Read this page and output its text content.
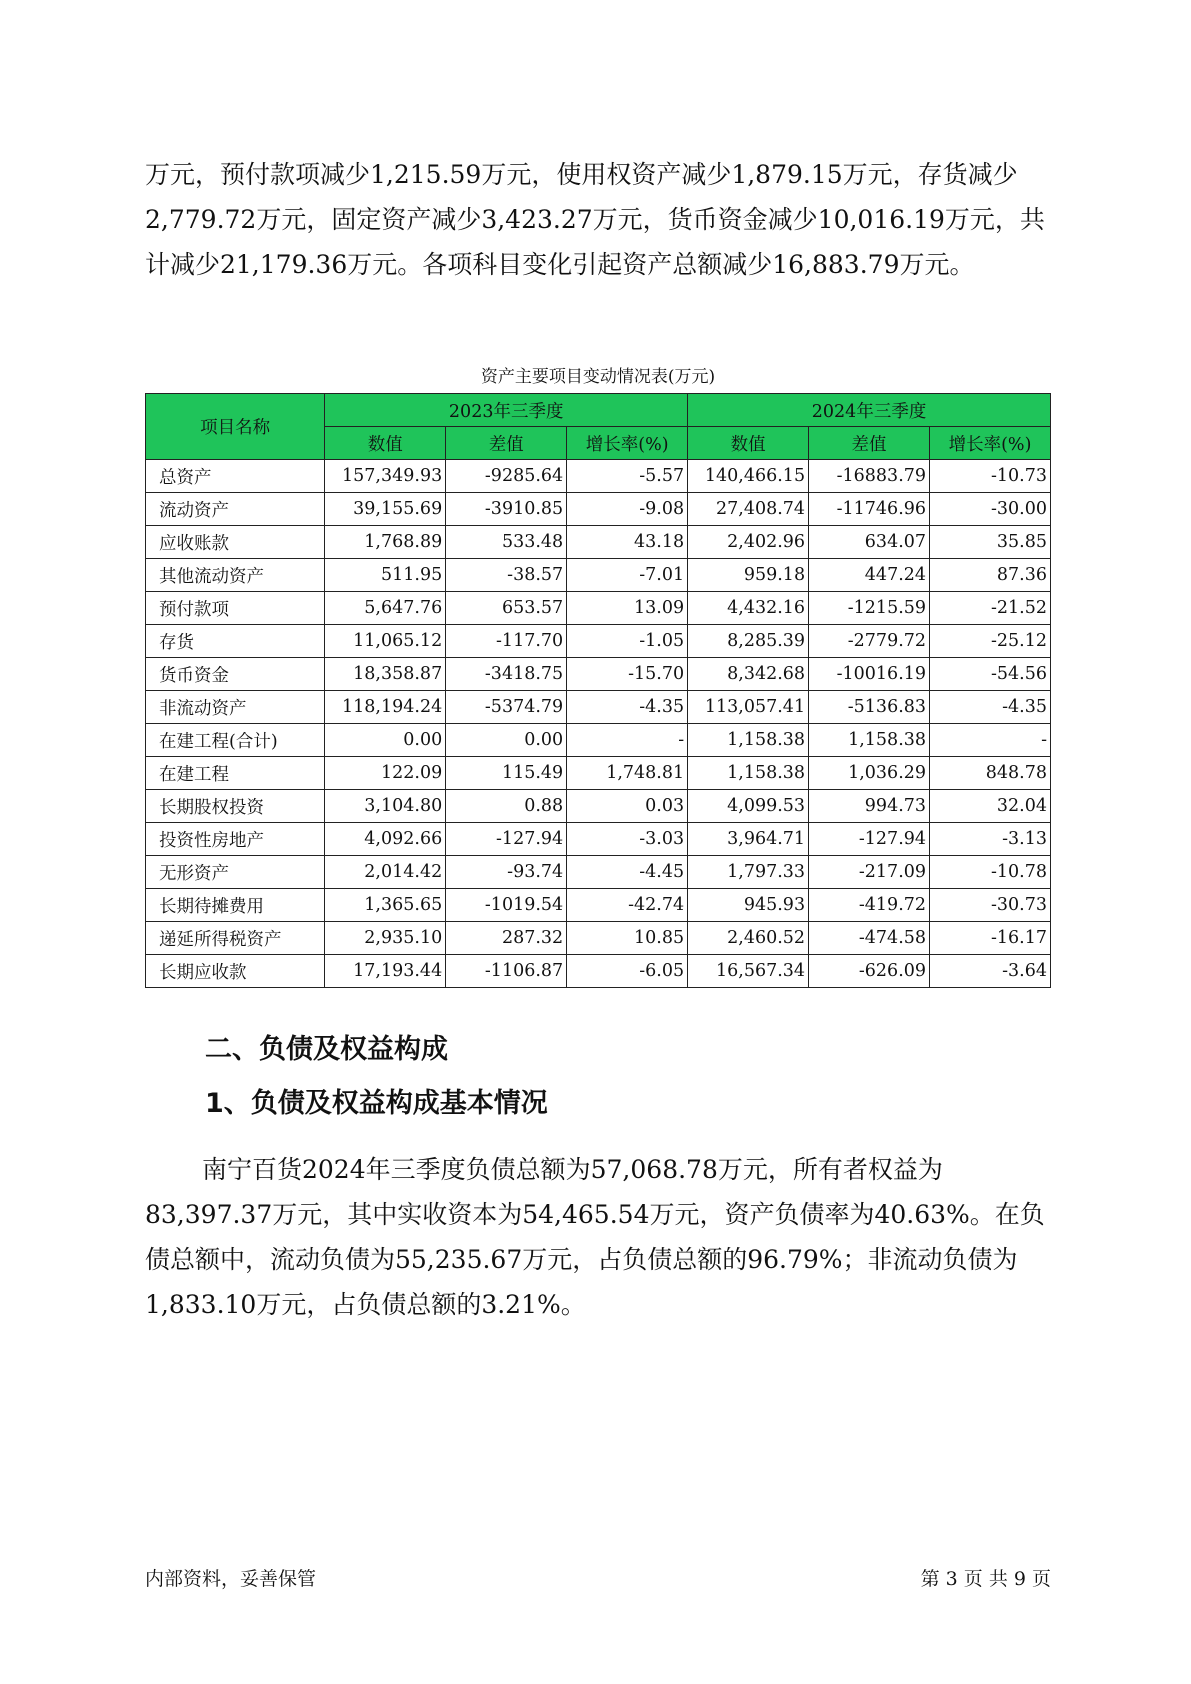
万元，预付款项减少1,215.59万元，使用权资产减少1,879.15万元，存货减少2,779.72万元，固定资产减少3,423.27万元，货币资金减少10,016.19万元，共计减少21,179.36万元。各项科目变化引起资产总额减少16,883.79万元。

资产主要项目变动情况表(万元)
项目名称	2023年三季度			2024年三季度		
	数值	差值	增长率(%)	数值	差值	增长率(%)
总资产	157,349.93	-9285.64	-5.57	140,466.15	-16883.79	-10.73
流动资产	39,155.69	-3910.85	-9.08	27,408.74	-11746.96	-30.00
应收账款	1,768.89	533.48	43.18	2,402.96	634.07	35.85
其他流动资产	511.95	-38.57	-7.01	959.18	447.24	87.36
预付款项	5,647.76	653.57	13.09	4,432.16	-1215.59	-21.52
存货	11,065.12	-117.70	-1.05	8,285.39	-2779.72	-25.12
货币资金	18,358.87	-3418.75	-15.70	8,342.68	-10016.19	-54.56
非流动资产	118,194.24	-5374.79	-4.35	113,057.41	-5136.83	-4.35
在建工程(合计)	0.00	0.00	-	1,158.38	1,158.38	-
在建工程	122.09	115.49	1,748.81	1,158.38	1,036.29	848.78
长期股权投资	3,104.80	0.88	0.03	4,099.53	994.73	32.04
投资性房地产	4,092.66	-127.94	-3.03	3,964.71	-127.94	-3.13
无形资产	2,014.42	-93.74	-4.45	1,797.33	-217.09	-10.78
长期待摊费用	1,365.65	-1019.54	-42.74	945.93	-419.72	-30.73
递延所得税资产	2,935.10	287.32	10.85	2,460.52	-474.58	-16.17
长期应收款	17,193.44	-1106.87	-6.05	16,567.34	-626.09	-3.64
二、负债及权益构成
1、负债及权益构成基本情况

南宁百货2024年三季度负债总额为57,068.78万元，所有者权益为83,397.37万元，其中实收资本为54,465.54万元，资产负债率为40.63%。在负债总额中，流动负债为55,235.67万元，占负债总额的96.79%；非流动负债为1,833.10万元，占负债总额的3.21%。

内部资料，妥善保管	第 3 页 共 9 页
